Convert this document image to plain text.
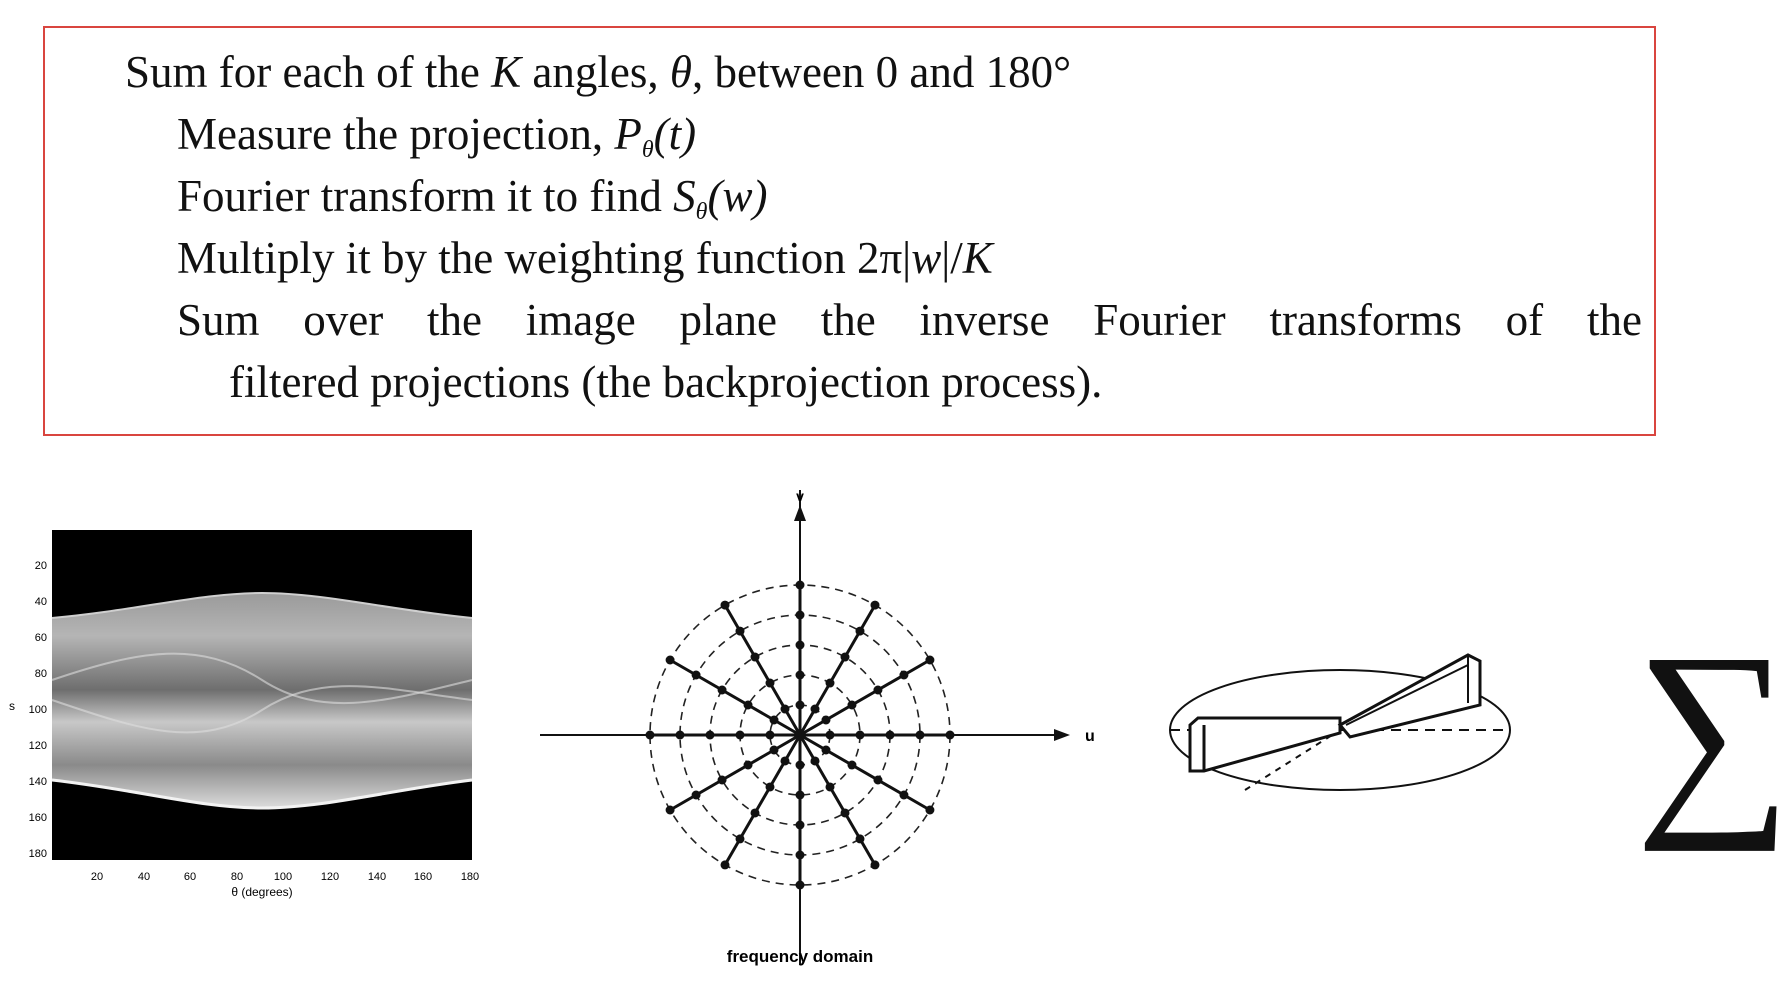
Sum for each of the K angles, θ, between 0 and 180°
Measure the projection, $P_\theta(t)$
Fourier transform it to find $S_\theta(w)$
Multiply it by the weighting function 2π|w|/K
Sum over the image plane the inverse Fourier transforms of the
filtered projections (the backprojection process).
s
20
40
60
80
100
120
140
160
180
20	40	60	80	100	120	140	160	180
θ (degrees)
u
v
frequency domain
∑
